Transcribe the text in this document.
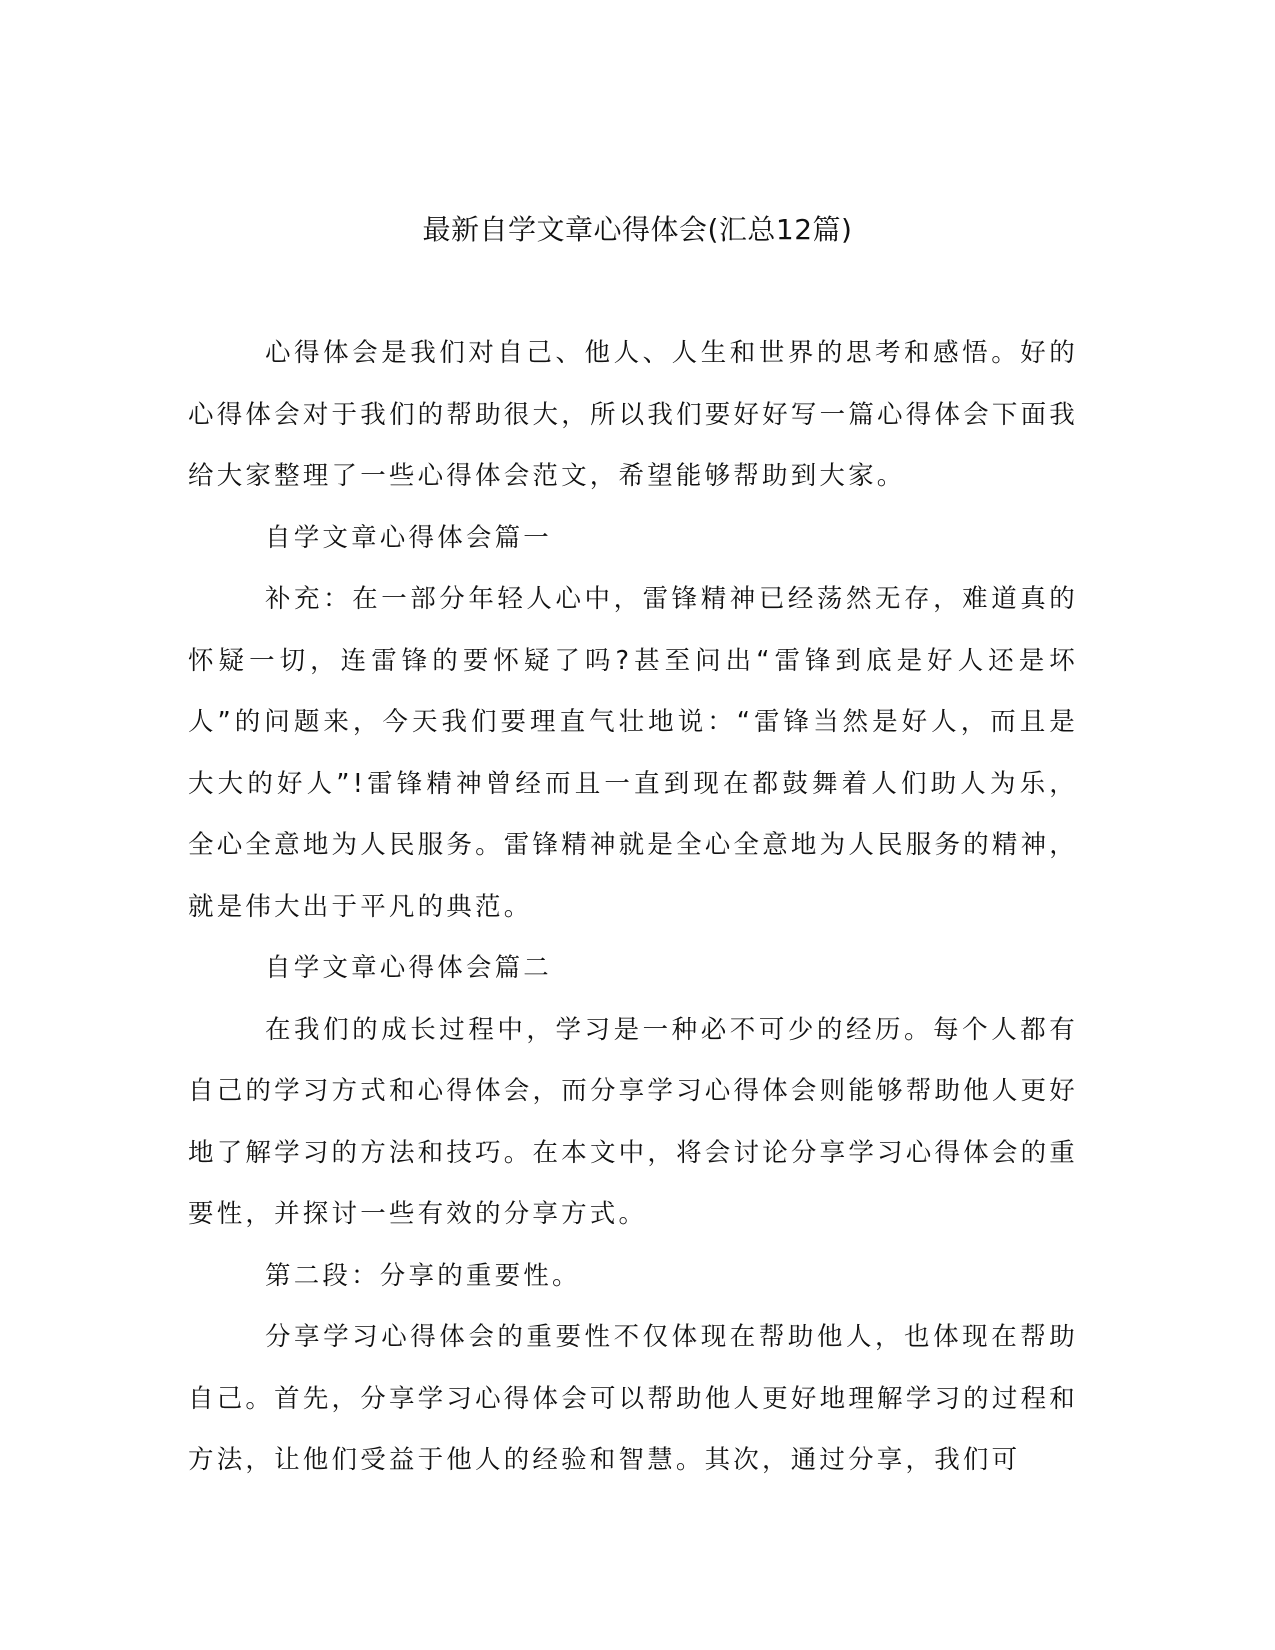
最新自学文章心得体会(汇总12篇)

心得体会是我们对自己、他人、人生和世界的思考和感悟。好的心得体会对于我们的帮助很大，所以我们要好好写一篇心得体会下面我给大家整理了一些心得体会范文，希望能够帮助到大家。

自学文章心得体会篇一

补充：在一部分年轻人心中，雷锋精神已经荡然无存，难道真的怀疑一切，连雷锋的要怀疑了吗?甚至问出“雷锋到底是好人还是坏人”的问题来，今天我们要理直气壮地说：“雷锋当然是好人，而且是大大的好人”!雷锋精神曾经而且一直到现在都鼓舞着人们助人为乐，全心全意地为人民服务。雷锋精神就是全心全意地为人民服务的精神，就是伟大出于平凡的典范。

自学文章心得体会篇二

在我们的成长过程中，学习是一种必不可少的经历。每个人都有自己的学习方式和心得体会，而分享学习心得体会则能够帮助他人更好地了解学习的方法和技巧。在本文中，将会讨论分享学习心得体会的重要性，并探讨一些有效的分享方式。

第二段：分享的重要性。

分享学习心得体会的重要性不仅体现在帮助他人，也体现在帮助自己。首先，分享学习心得体会可以帮助他人更好地理解学习的过程和方法，让他们受益于他人的经验和智慧。其次，通过分享，我们可
